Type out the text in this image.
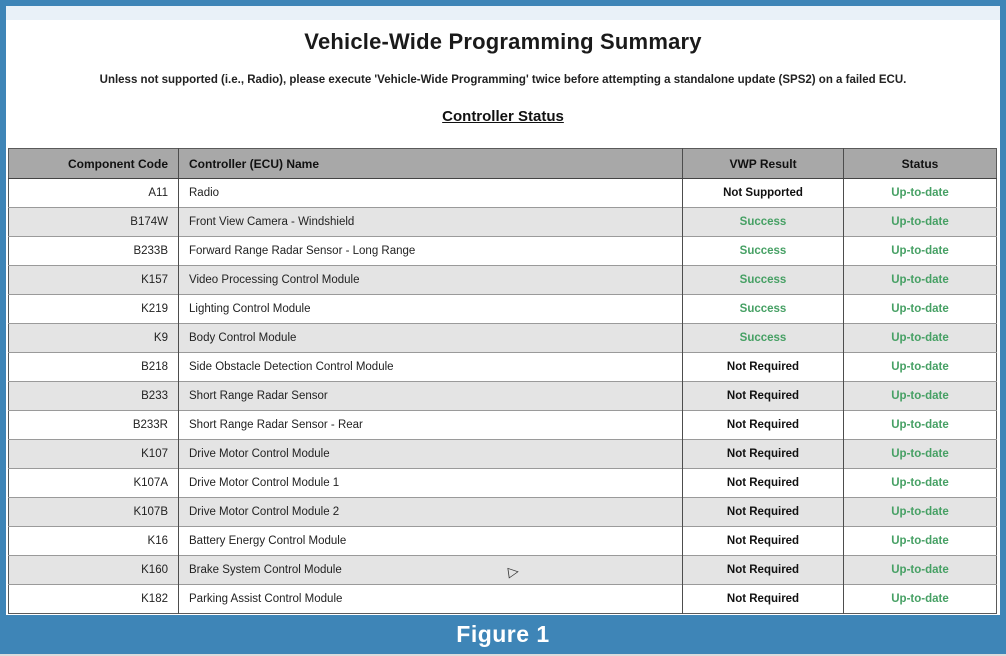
Vehicle-Wide Programming Summary

Unless not supported (i.e., Radio), please execute 'Vehicle-Wide Programming' twice before attempting a standalone update (SPS2) on a failed ECU.

Controller Status
Component Code	Controller (ECU) Name	VWP Result	Status
A11	Radio	Not Supported	Up-to-date
B174W	Front View Camera - Windshield	Success	Up-to-date
B233B	Forward Range Radar Sensor - Long Range	Success	Up-to-date
K157	Video Processing Control Module	Success	Up-to-date
K219	Lighting Control Module	Success	Up-to-date
K9	Body Control Module	Success	Up-to-date
B218	Side Obstacle Detection Control Module	Not Required	Up-to-date
B233	Short Range Radar Sensor	Not Required	Up-to-date
B233R	Short Range Radar Sensor - Rear	Not Required	Up-to-date
K107	Drive Motor Control Module	Not Required	Up-to-date
K107A	Drive Motor Control Module 1	Not Required	Up-to-date
K107B	Drive Motor Control Module 2	Not Required	Up-to-date
K16	Battery Energy Control Module	Not Required	Up-to-date
K160	Brake System Control Module	Not Required	Up-to-date
K182	Parking Assist Control Module	Not Required	Up-to-date
▷
Figure 1
